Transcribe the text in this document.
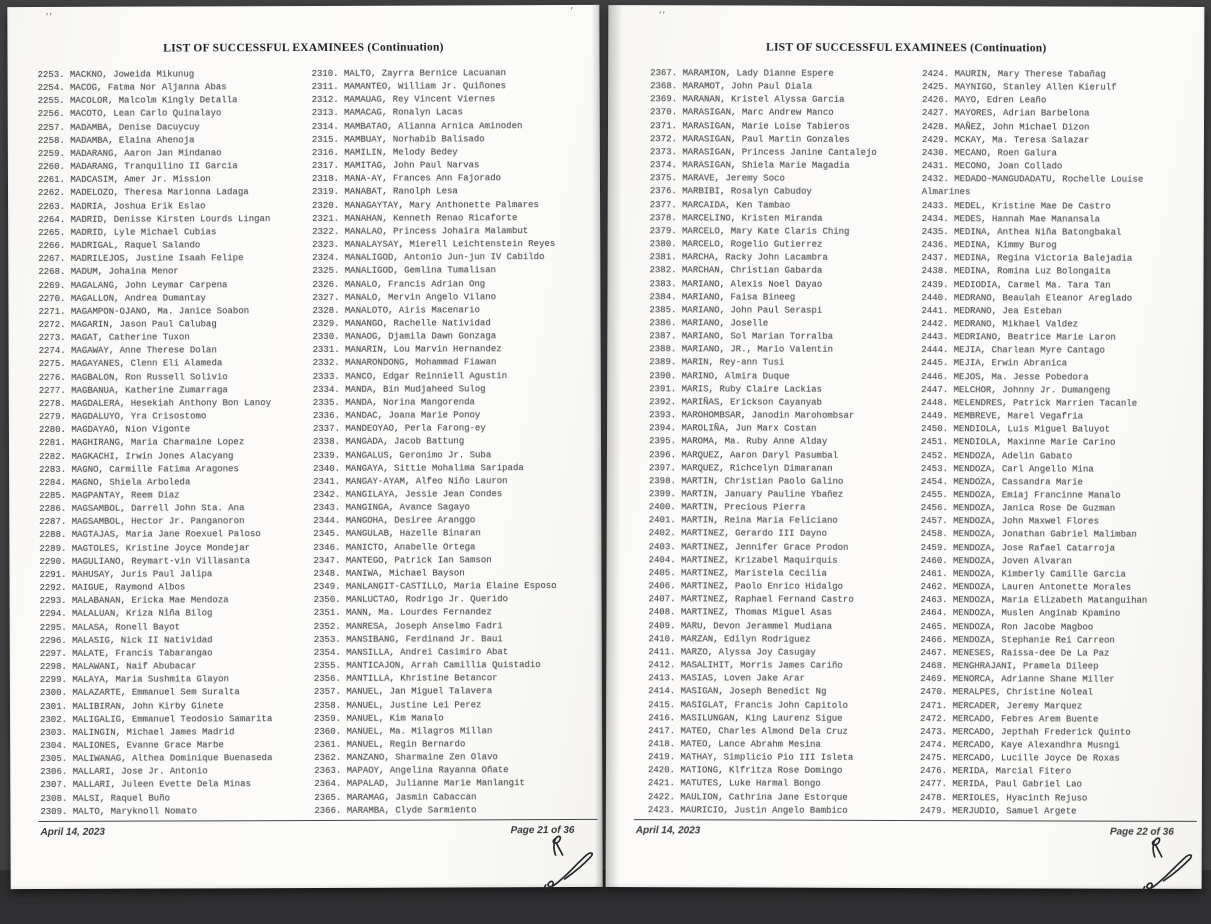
’’	’
LIST OF SUCCESSFUL EXAMINEES (Continuation)
2253. MACKNO, Joweida Mikunug
2254. MACOG, Fatma Nor Aljanna Abas
2255. MACOLOR, Malcolm Kingly Detalla
2256. MACOTO, Lean Carlo Quinalayo
2257. MADAMBA, Denise Dacuycuy
2258. MADAMBA, Elaina Ahenoja
2259. MADARANG, Aaron Jan Mindanao
2260. MADARANG, Tranquilino II Garcia
2261. MADCASIM, Amer Jr. Mission
2262. MADELOZO, Theresa Marionna Ladaga
2263. MADRIA, Joshua Erik Eslao
2264. MADRID, Denisse Kirsten Lourds Lingan
2265. MADRID, Lyle Michael Cubias
2266. MADRIGAL, Raquel Salando
2267. MADRILEJOS, Justine Isaah Felipe
2268. MADUM, Johaina Menor
2269. MAGALANG, John Leymar Carpena
2270. MAGALLON, Andrea Dumantay
2271. MAGAMPON-OJANO, Ma. Janice Soabon
2272. MAGARIN, Jason Paul Calubag
2273. MAGAT, Catherine Tuxon
2274. MAGAWAY, Anne Therese Dolan
2275. MAGAYANES, Clenn Eli Alameda
2276. MAGBALON, Ron Russell Solivio
2277. MAGBANUA, Katherine Zumarraga
2278. MAGDALERA, Hesekiah Anthony Bon Lanoy
2279. MAGDALUYO, Yra Crisostomo
2280. MAGDAYAO, Nion Vigonte
2281. MAGHIRANG, Maria Charmaine Lopez
2282. MAGKACHI, Irwin Jones Alacyang
2283. MAGNO, Carmille Fatima Aragones
2284. MAGNO, Shiela Arboleda
2285. MAGPANTAY, Reem Diaz
2286. MAGSAMBOL, Darrell John Sta. Ana
2287. MAGSAMBOL, Hector Jr. Panganoron
2288. MAGTAJAS, Maria Jane Roexuel Paloso
2289. MAGTOLES, Kristine Joyce Mondejar
2290. MAGULIANO, Reymart-vin Villasanta
2291. MAHUSAY, Juris Paul Jalipa
2292. MAIGUE, Raymond Albos
2293. MALABANAN, Ericka Mae Mendoza
2294. MALALUAN, Kriza Niña Bilog
2295. MALASA, Ronell Bayot
2296. MALASIG, Nick II Natividad
2297. MALATE, Francis Tabarangao
2298. MALAWANI, Naif Abubacar
2299. MALAYA, Maria Sushmita Glayon
2300. MALAZARTE, Emmanuel Sem Suralta
2301. MALIBIRAN, John Kirby Ginete
2302. MALIGALIG, Emmanuel Teodosio Samarita
2303. MALINGIN, Michael James Madrid
2304. MALIONES, Evanne Grace Marbe
2305. MALIWANAG, Althea Dominique Buenaseda
2306. MALLARI, Jose Jr. Antonio
2307. MALLARI, Juleen Evette Dela Minas
2308. MALSI, Raquel Buño
2309. MALTO, Maryknoll Nomato
2310. MALTO, Zayrra Bernice Lacuanan
2311. MAMANTEO, William Jr. Quiñones
2312. MAMAUAG, Rey Vincent Viernes
2313. MAMACAG, Ronalyn Lacas
2314. MAMBATAO, Alianna Arnica Aminoden
2315. MAMBUAY, Norhabib Balisado
2316. MAMILIN, Melody Bedey
2317. MAMITAG, John Paul Narvas
2318. MANA-AY, Frances Ann Fajorado
2319. MANABAT, Ranolph Lesa
2320. MANAGAYTAY, Mary Anthonette Palmares
2321. MANAHAN, Kenneth Renao Ricaforte
2322. MANALAO, Princess Johaira Malambut
2323. MANALAYSAY, Mierell Leichtenstein Reyes
2324. MANALIGOD, Antonio Jun-jun IV Cabildo
2325. MANALIGOD, Gemlina Tumalisan
2326. MANALO, Francis Adrian Ong
2327. MANALO, Mervin Angelo Vilano
2328. MANALOTO, Airis Macenario
2329. MANANGO, Rachelle Natividad
2330. MANAOG, Djamila Dawn Gonzaga
2331. MANARIN, Lou Marvin Hernandez
2332. MANARONDONG, Mohammad Fiawan
2333. MANCO, Edgar Reinniell Agustin
2334. MANDA, Bin Mudjaheed Sulog
2335. MANDA, Norina Mangorenda
2336. MANDAC, Joana Marie Ponoy
2337. MANDEOYAO, Perla Farong-ey
2338. MANGADA, Jacob Battung
2339. MANGALUS, Geronimo Jr. Suba
2340. MANGAYA, Sittie Mohalima Saripada
2341. MANGAY-AYAM, Alfeo Niño Lauron
2342. MANGILAYA, Jessie Jean Condes
2343. MANGINGA, Avance Sagayo
2344. MANGOHA, Desiree Aranggo
2345. MANGULAB, Hazelle Binaran
2346. MANICTO, Anabelle Ortega
2347. MANTEGO, Patrick Ian Samson
2348. MANIWA, Michael Bayson
2349. MANLANGIT-CASTILLO, Maria Elaine Esposo
2350. MANLUCTAO, Rodrigo Jr. Querido
2351. MANN, Ma. Lourdes Fernandez
2352. MANRESA, Joseph Anselmo Fadri
2353. MANSIBANG, Ferdinand Jr. Baui
2354. MANSILLA, Andrei Casimiro Abat
2355. MANTICAJON, Arrah Camillia Quistadio
2356. MANTILLA, Khristine Betancor
2357. MANUEL, Jan Miguel Talavera
2358. MANUEL, Justine Lei Perez
2359. MANUEL, Kim Manalo
2360. MANUEL, Ma. Milagros Millan
2361. MANUEL, Regin Bernardo
2362. MANZANO, Sharmaine Zen Olavo
2363. MAPAOY, Angelina Rayanna Oñate
2364. MAPALAD, Julianne Marie Manlangit
2365. MARAMAG, Jasmin Cabaccan
2366. MARAMBA, Clyde Sarmiento
April 14, 2023	Page 21 of 36
’’
LIST OF SUCCESSFUL EXAMINEES (Continuation)
2367. MARAMION, Lady Dianne Espere
2368. MARAMOT, John Paul Diala
2369. MARANAN, Kristel Alyssa Garcia
2370. MARASIGAN, Marc Andrew Manco
2371. MARASIGAN, Marie Loise Tabieros
2372. MARASIGAN, Paul Martin Gonzales
2373. MARASIGAN, Princess Janine Cantalejo
2374. MARASIGAN, Shiela Marie Magadia
2375. MARAVE, Jeremy Soco
2376. MARBIBI, Rosalyn Cabudoy
2377. MARCAIDA, Ken Tambao
2378. MARCELINO, Kristen Miranda
2379. MARCELO, Mary Kate Claris Ching
2380. MARCELO, Rogelio Gutierrez
2381. MARCHA, Racky John Lacambra
2382. MARCHAN, Christian Gabarda
2383. MARIANO, Alexis Noel Dayao
2384. MARIANO, Faisa Bineeg
2385. MARIANO, John Paul Seraspi
2386. MARIANO, Joselle
2387. MARIANO, Sol Marian Torralba
2388. MARIANO, JR., Mario Valentin
2389. MARIN, Rey-ann Tusi
2390. MARINO, Almira Duque
2391. MARIS, Ruby Claire Lackias
2392. MARIÑAS, Erickson Cayanyab
2393. MAROHOMBSAR, Janodin Marohombsar
2394. MAROLIÑA, Jun Marx Costan
2395. MAROMA, Ma. Ruby Anne Alday
2396. MARQUEZ, Aaron Daryl Pasumbal
2397. MARQUEZ, Richcelyn Dimaranan
2398. MARTIN, Christian Paolo Galino
2399. MARTIN, January Pauline Ybañez
2400. MARTIN, Precious Pierra
2401. MARTIN, Reina Maria Feliciano
2402. MARTINEZ, Gerardo III Dayno
2403. MARTINEZ, Jennifer Grace Prodon
2404. MARTINEZ, Krizabel Maquirquis
2405. MARTINEZ, Maristela Cecilia
2406. MARTINEZ, Paolo Enrico Hidalgo
2407. MARTINEZ, Raphael Fernand Castro
2408. MARTINEZ, Thomas Miguel Asas
2409. MARU, Devon Jerammel Mudiana
2410. MARZAN, Edilyn Rodriguez
2411. MARZO, Alyssa Joy Casugay
2412. MASALIHIT, Morris James Cariño
2413. MASIAS, Loven Jake Arar
2414. MASIGAN, Joseph Benedict Ng
2415. MASIGLAT, Francis John Capitolo
2416. MASILUNGAN, King Laurenz Sigue
2417. MATEO, Charles Almond Dela Cruz
2418. MATEO, Lance Abrahm Mesina
2419. MATHAY, Simplicio Pio III Isleta
2420. MATIONG, Klfritza Rose Domingo
2421. MATUTES, Luke Harmal Bongo
2422. MAULION, Cathrina Jane Estorque
2423. MAURICIO, Justin Angelo Bambico
2424. MAURIN, Mary Therese Tabañag
2425. MAYNIGO, Stanley Allen Kierulf
2426. MAYO, Edren Leaño
2427. MAYORES, Adrian Barbelona
2428. MAÑEZ, John Michael Dizon
2429. MCKAY, Ma. Teresa Salazar
2430. MECANO, Roen Galura
2431. MECONO, Joan Collado
2432. MEDADO-MANGUDADATU, Rochelle Louise Almarines
2433. MEDEL, Kristine Mae De Castro
2434. MEDES, Hannah Mae Manansala
2435. MEDINA, Anthea Niña Batongbakal
2436. MEDINA, Kimmy Burog
2437. MEDINA, Regina Victoria Balejadia
2438. MEDINA, Romina Luz Bolongaita
2439. MEDIODIA, Carmel Ma. Tara Tan
2440. MEDRANO, Beaulah Eleanor Areglado
2441. MEDRANO, Jea Esteban
2442. MEDRANO, Mikhael Valdez
2443. MEDRIANO, Beatrice Marie Laron
2444. MEJIA, Charlean Myre Cantago
2445. MEJIA, Erwin Abranica
2446. MEJOS, Ma. Jesse Pobedora
2447. MELCHOR, Johnny Jr. Dumangeng
2448. MELENDRES, Patrick Marrien Tacanle
2449. MEMBREVE, Marel Vegafria
2450. MENDIOLA, Luis Miguel Baluyot
2451. MENDIOLA, Maxinne Marie Carino
2452. MENDOZA, Adelin Gabato
2453. MENDOZA, Carl Angello Mina
2454. MENDOZA, Cassandra Marie
2455. MENDOZA, Emiaj Francinne Manalo
2456. MENDOZA, Janica Rose De Guzman
2457. MENDOZA, John Maxwel Flores
2458. MENDOZA, Jonathan Gabriel Malimban
2459. MENDOZA, Jose Rafael Catarroja
2460. MENDOZA, Joven Alvaran
2461. MENDOZA, Kimberly Camille Garcia
2462. MENDOZA, Lauren Antonette Morales
2463. MENDOZA, Maria Elizabeth Matanguihan
2464. MENDOZA, Muslen Anginab Kpamino
2465. MENDOZA, Ron Jacobe Magboo
2466. MENDOZA, Stephanie Rei Carreon
2467. MENESES, Raissa-dee De La Paz
2468. MENGHRAJANI, Pramela Dileep
2469. MENORCA, Adrianne Shane Miller
2470. MERALPES, Christine Noleal
2471. MERCADER, Jeremy Marquez
2472. MERCADO, Febres Arem Buente
2473. MERCADO, Jepthah Frederick Quinto
2474. MERCADO, Kaye Alexandhra Musngi
2475. MERCADO, Lucille Joyce De Roxas
2476. MERIDA, Marcial Fitero
2477. MERIDA, Paul Gabriel Lao
2478. MERIOLES, Hyacinth Rejuso
2479. MERJUDIO, Samuel Argete
April 14, 2023	Page 22 of 36
